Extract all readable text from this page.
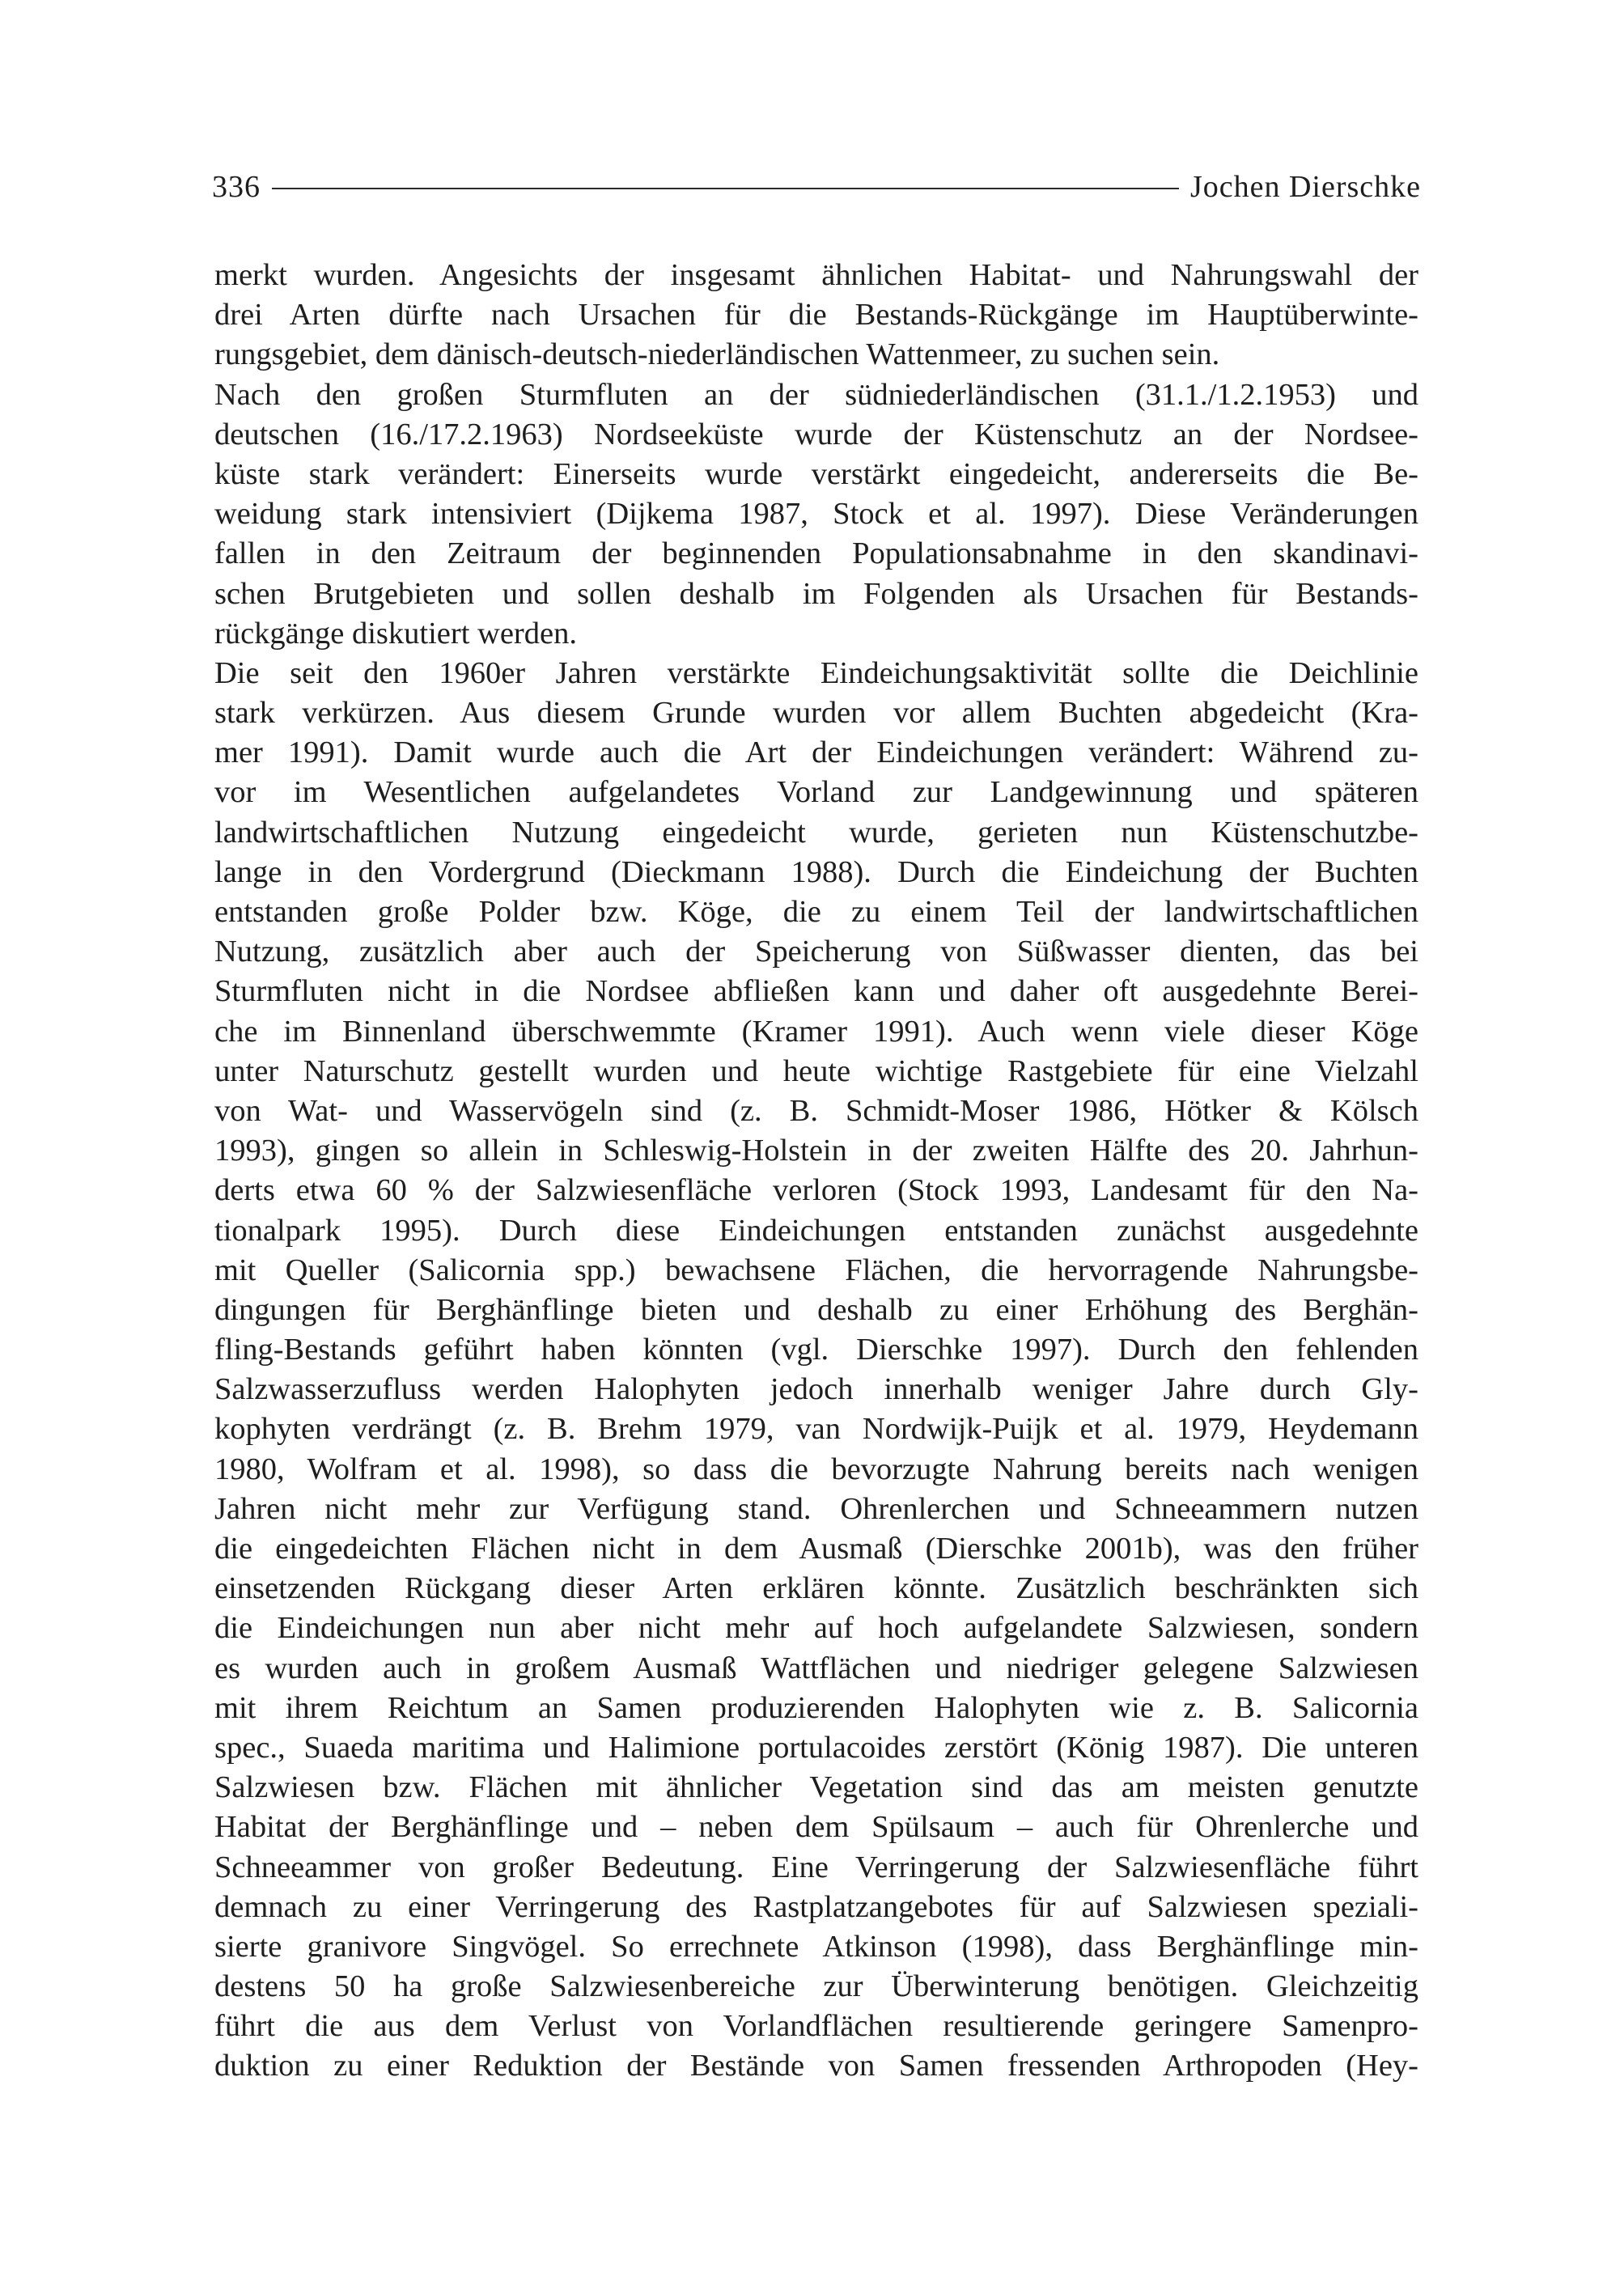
336	Jochen Dierschke
merkt wurden. Angesichts der insgesamt ähnlichen Habitat- und Nahrungswahl der
drei Arten dürfte nach Ursachen für die Bestands-Rückgänge im Hauptüberwinte-
rungsgebiet, dem dänisch-deutsch-niederländischen Wattenmeer, zu suchen sein.
Nach den großen Sturmfluten an der südniederländischen (31.1./1.2.1953) und
deutschen (16./17.2.1963) Nordseeküste wurde der Küstenschutz an der Nordsee-
küste stark verändert: Einerseits wurde verstärkt eingedeicht, andererseits die Be-
weidung stark intensiviert (Dijkema 1987, Stock et al. 1997). Diese Veränderungen
fallen in den Zeitraum der beginnenden Populationsabnahme in den skandinavi-
schen Brutgebieten und sollen deshalb im Folgenden als Ursachen für Bestands-
rückgänge diskutiert werden.
Die seit den 1960er Jahren verstärkte Eindeichungsaktivität sollte die Deichlinie
stark verkürzen. Aus diesem Grunde wurden vor allem Buchten abgedeicht (Kra-
mer 1991). Damit wurde auch die Art der Eindeichungen verändert: Während zu-
vor im Wesentlichen aufgelandetes Vorland zur Landgewinnung und späteren
landwirtschaftlichen Nutzung eingedeicht wurde, gerieten nun Küstenschutzbe-
lange in den Vordergrund (Dieckmann 1988). Durch die Eindeichung der Buchten
entstanden große Polder bzw. Köge, die zu einem Teil der landwirtschaftlichen
Nutzung, zusätzlich aber auch der Speicherung von Süßwasser dienten, das bei
Sturmfluten nicht in die Nordsee abfließen kann und daher oft ausgedehnte Berei-
che im Binnenland überschwemmte (Kramer 1991). Auch wenn viele dieser Köge
unter Naturschutz gestellt wurden und heute wichtige Rastgebiete für eine Vielzahl
von Wat- und Wasservögeln sind (z. B. Schmidt-Moser 1986, Hötker & Kölsch
1993), gingen so allein in Schleswig-Holstein in der zweiten Hälfte des 20. Jahrhun-
derts etwa 60 % der Salzwiesenfläche verloren (Stock 1993, Landesamt für den Na-
tionalpark 1995). Durch diese Eindeichungen entstanden zunächst ausgedehnte
mit Queller (Salicornia spp.) bewachsene Flächen, die hervorragende Nahrungsbe-
dingungen für Berghänflinge bieten und deshalb zu einer Erhöhung des Berghän-
fling-Bestands geführt haben könnten (vgl. Dierschke 1997). Durch den fehlenden
Salzwasserzufluss werden Halophyten jedoch innerhalb weniger Jahre durch Gly-
kophyten verdrängt (z. B. Brehm 1979, van Nordwijk-Puijk et al. 1979, Heydemann
1980, Wolfram et al. 1998), so dass die bevorzugte Nahrung bereits nach wenigen
Jahren nicht mehr zur Verfügung stand. Ohrenlerchen und Schneeammern nutzen
die eingedeichten Flächen nicht in dem Ausmaß (Dierschke 2001b), was den früher
einsetzenden Rückgang dieser Arten erklären könnte. Zusätzlich beschränkten sich
die Eindeichungen nun aber nicht mehr auf hoch aufgelandete Salzwiesen, sondern
es wurden auch in großem Ausmaß Wattflächen und niedriger gelegene Salzwiesen
mit ihrem Reichtum an Samen produzierenden Halophyten wie z. B. Salicornia
spec., Suaeda maritima und Halimione portulacoides zerstört (König 1987). Die unteren
Salzwiesen bzw. Flächen mit ähnlicher Vegetation sind das am meisten genutzte
Habitat der Berghänflinge und – neben dem Spülsaum – auch für Ohrenlerche und
Schneeammer von großer Bedeutung. Eine Verringerung der Salzwiesenfläche führt
demnach zu einer Verringerung des Rastplatzangebotes für auf Salzwiesen speziali-
sierte granivore Singvögel. So errechnete Atkinson (1998), dass Berghänflinge min-
destens 50 ha große Salzwiesenbereiche zur Überwinterung benötigen. Gleichzeitig
führt die aus dem Verlust von Vorlandflächen resultierende geringere Samenpro-
duktion zu einer Reduktion der Bestände von Samen fressenden Arthropoden (Hey-
